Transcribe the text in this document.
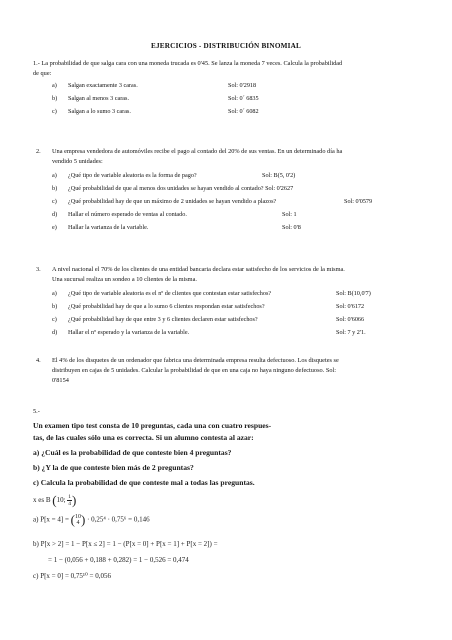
EJERCICIOS - DISTRIBUCIÓN BINOMIAL
1.- La probabilidad de que salga cara con una moneda trucada es 0'45. Se lanza la moneda 7 veces. Calcula la probabilidad
de que:
a) Salgan exactamente 3 caras.	Sol: 0'2918
b) Salgan al menos 3 caras.	Sol: 0´ 6835
c) Salgan a lo sumo 3 caras.	Sol: 0´ 6082
2. Una empresa vendedora de automóviles recibe el pago al contado del 20% de sus ventas. En un determinado día ha
vendido 5 unidades:
a) ¿Qué tipo de variable aleatoria es la forma de pago?	Sol: B(5, 0'2)
b) ¿Qué probabilidad de que al menos dos unidades se hayan vendido al contado? Sol: 0'2627
c) ¿Qué probabilidad hay de que un máximo de 2 unidades se hayan vendido a plazos?	Sol: 0'0579
d) Hallar el número esperado de ventas al contado.	Sol: 1
e) Hallar la varianza de la variable.	Sol: 0'8
3. A nivel nacional el 70% de los clientes de una entidad bancaria declara estar satisfecho de los servicios de la misma.
Una sucursal realiza un sondeo a 10 clientes de la misma.
a) ¿Qué tipo de variable aleatoria es el nº de clientes que contestan estar satisfechos?	Sol: B(10,0'7)
b) ¿Qué probabilidad hay de que a lo sumo 6 clientes respondan estar satisfechos?	Sol: 0'6172
c) ¿Qué probabilidad hay de que entre 3 y 6 clientes declaren estar satisfechos?	Sol: 0'6066
d) Hallar el nº esperado y la varianza de la variable.	Sol: 7 y 2'1.
4. El 4% de los disquetes de un ordenador que fabrica una determinada empresa resulta defectuoso. Los disquetes se
distribuyen en cajas de 5 unidades. Calcular la probabilidad de que en una caja no haya ninguno defectuoso. Sol:
0'8154
5.-
Un examen tipo test consta de 10 preguntas, cada una con cuatro respues-
tas, de las cuales sólo una es correcta. Si un alumno contesta al azar:
a) ¿Cuál es la probabilidad de que conteste bien 4 preguntas?
b) ¿Y la de que conteste bien más de 2 preguntas?
c) Calcula la probabilidad de que conteste mal a todas las preguntas.
x es B (10; $\frac{1}{4}$ )
a) P[x = 4] = ( 10
4 ) · 0,25⁴ · 0,75⁶ = 0,146
b) P[x > 2] = 1 − P[x ≤ 2] = 1 − (P[x = 0] + P[x = 1] + P[x = 2]) =
= 1 − (0,056 + 0,188 + 0,282) = 1 − 0,526 = 0,474
c) P[x = 0] = 0,75¹⁰ = 0,056
